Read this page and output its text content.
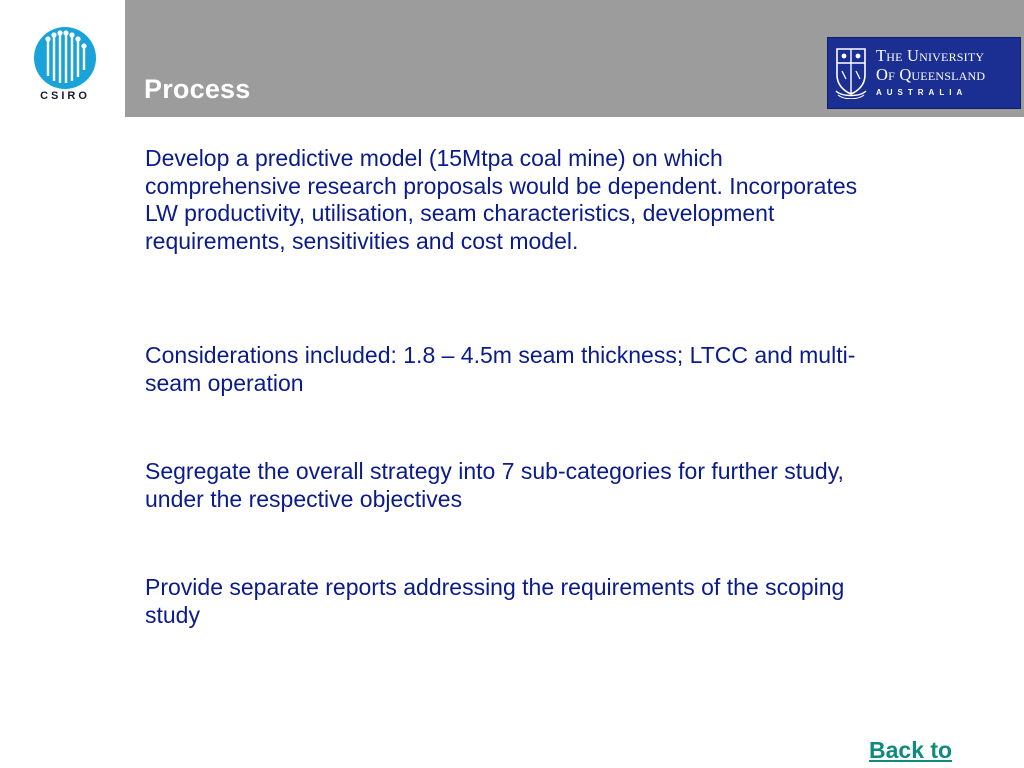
CSIRO Process
The University
Of Queensland
AUSTRALIA

Develop a predictive model (15Mtpa coal mine) on which comprehensive research proposals would be dependent. Incorporates LW productivity, utilisation, seam characteristics, development requirements, sensitivities and cost model.

Considerations included: 1.8 – 4.5m seam thickness; LTCC and multi-seam operation

Segregate the overall strategy into 7 sub-categories for further study, under the respective objectives

Provide separate reports addressing the requirements of the scoping study

Back to
